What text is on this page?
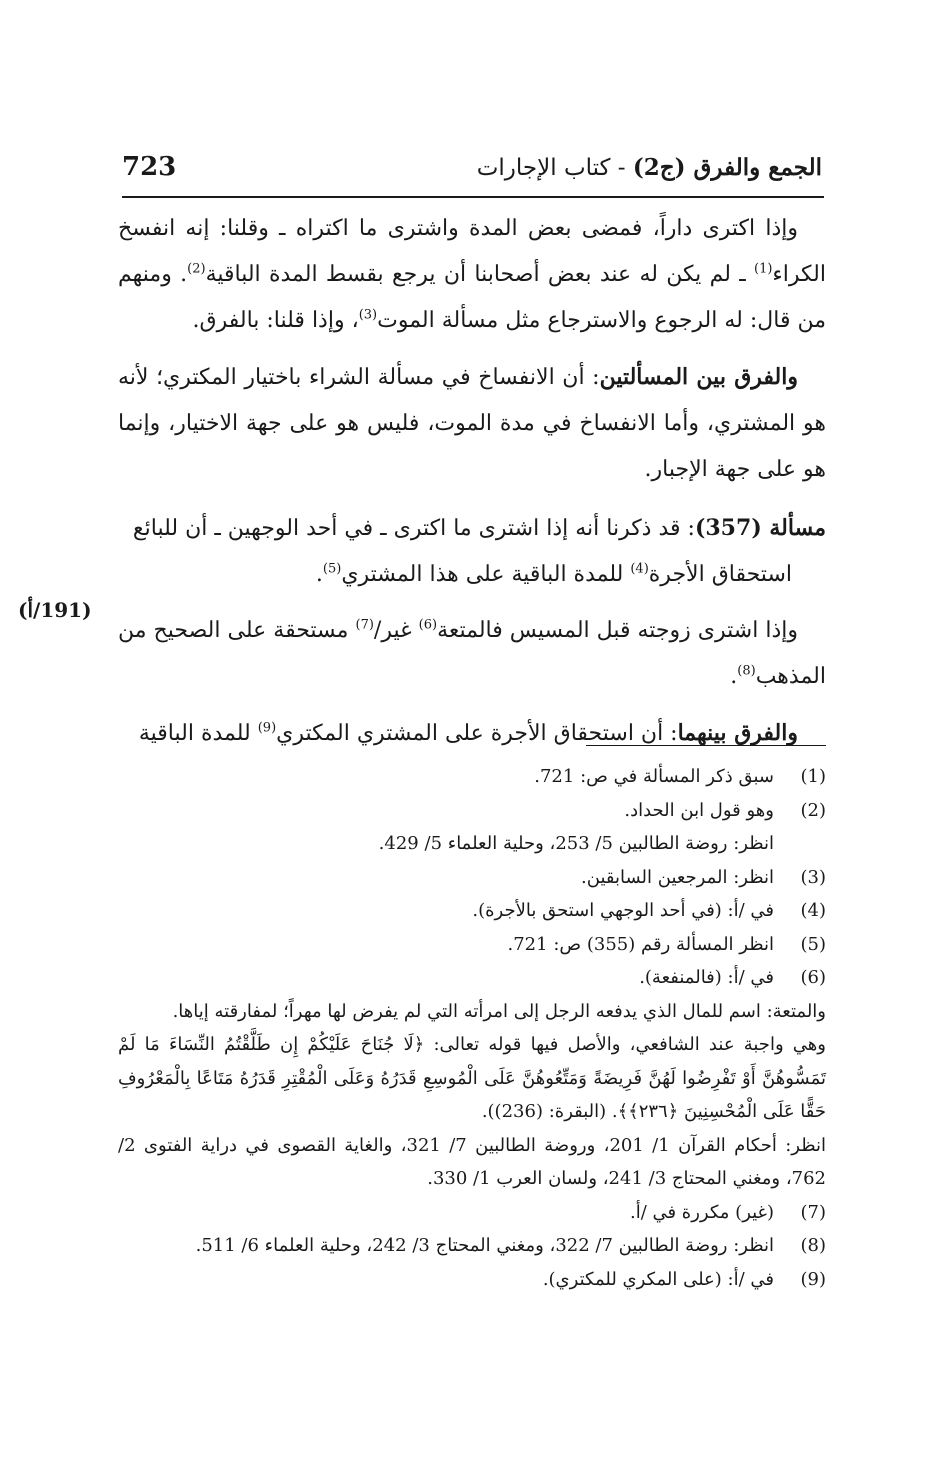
723	الجمع والفرق (ج2) - كتاب الإجارات
(191/أ)

وإذا اكترى داراً، فمضى بعض المدة واشترى ما اكتراه ـ وقلنا: إنه انفسخ الكراء$^{(1)}$ ـ لم يكن له عند بعض أصحابنا أن يرجع بقسط المدة الباقية$^{(2)}$. ومنهم من قال: له الرجوع والاسترجاع مثل مسألة الموت$^{(3)}$، وإذا قلنا: بالفرق.

والفرق بين المسألتين: أن الانفساخ في مسألة الشراء باختيار المكتري؛ لأنه هو المشتري، وأما الانفساخ في مدة الموت، فليس هو على جهة الاختيار، وإنما هو على جهة الإجبار.

مسألة (357): قد ذكرنا أنه إذا اشترى ما اكترى ـ في أحد الوجهين ـ أن للبائع
استحقاق الأجرة$^{(4)}$ للمدة الباقية على هذا المشتري$^{(5)}$.

وإذا اشترى زوجته قبل المسيس فالمتعة$^{(6)}$ غير/$^{(7)}$ مستحقة على الصحيح من المذهب$^{(8)}$.

والفرق بينهما: أن استحقاق الأجرة على المشتري المكتري$^{(9)}$ للمدة الباقية

(1)
سبق ذكر المسألة في ص: 721.
(2)
وهو قول ابن الحداد.
انظر: روضة الطالبين 5/ 253، وحلية العلماء 5/ 429.
(3)
انظر: المرجعين السابقين.
(4)
في /أ: (في أحد الوجهي استحق بالأجرة).
(5)
انظر المسألة رقم (355) ص: 721.
(6)
في /أ: (فالمنفعة).
والمتعة: اسم للمال الذي يدفعه الرجل إلى امرأته التي لم يفرض لها مهراً؛ لمفارقته إياها.
وهي واجبة عند الشافعي، والأصل فيها قوله تعالى: ﴿لَا جُنَاحَ عَلَيْكُمْ إِن طَلَّقْتُمُ النِّسَاءَ مَا لَمْ تَمَسُّوهُنَّ أَوْ تَفْرِضُوا لَهُنَّ فَرِيضَةً وَمَتِّعُوهُنَّ عَلَى الْمُوسِعِ قَدَرُهُ وَعَلَى الْمُقْتِرِ قَدَرُهُ مَتَاعًا بِالْمَعْرُوفِ حَقًّا عَلَى الْمُحْسِنِينَ ﴿٢٣٦﴾﴾. (البقرة: (236)).
انظر: أحكام القرآن 1/ 201، وروضة الطالبين 7/ 321، والغاية القصوى في دراية الفتوى 2/ 762، ومغني المحتاج 3/ 241، ولسان العرب 1/ 330.
(7)
(غير) مكررة في /أ.
(8)
انظر: روضة الطالبين 7/ 322، ومغني المحتاج 3/ 242، وحلية العلماء 6/ 511.
(9)
في /أ: (على المكري للمكتري).
